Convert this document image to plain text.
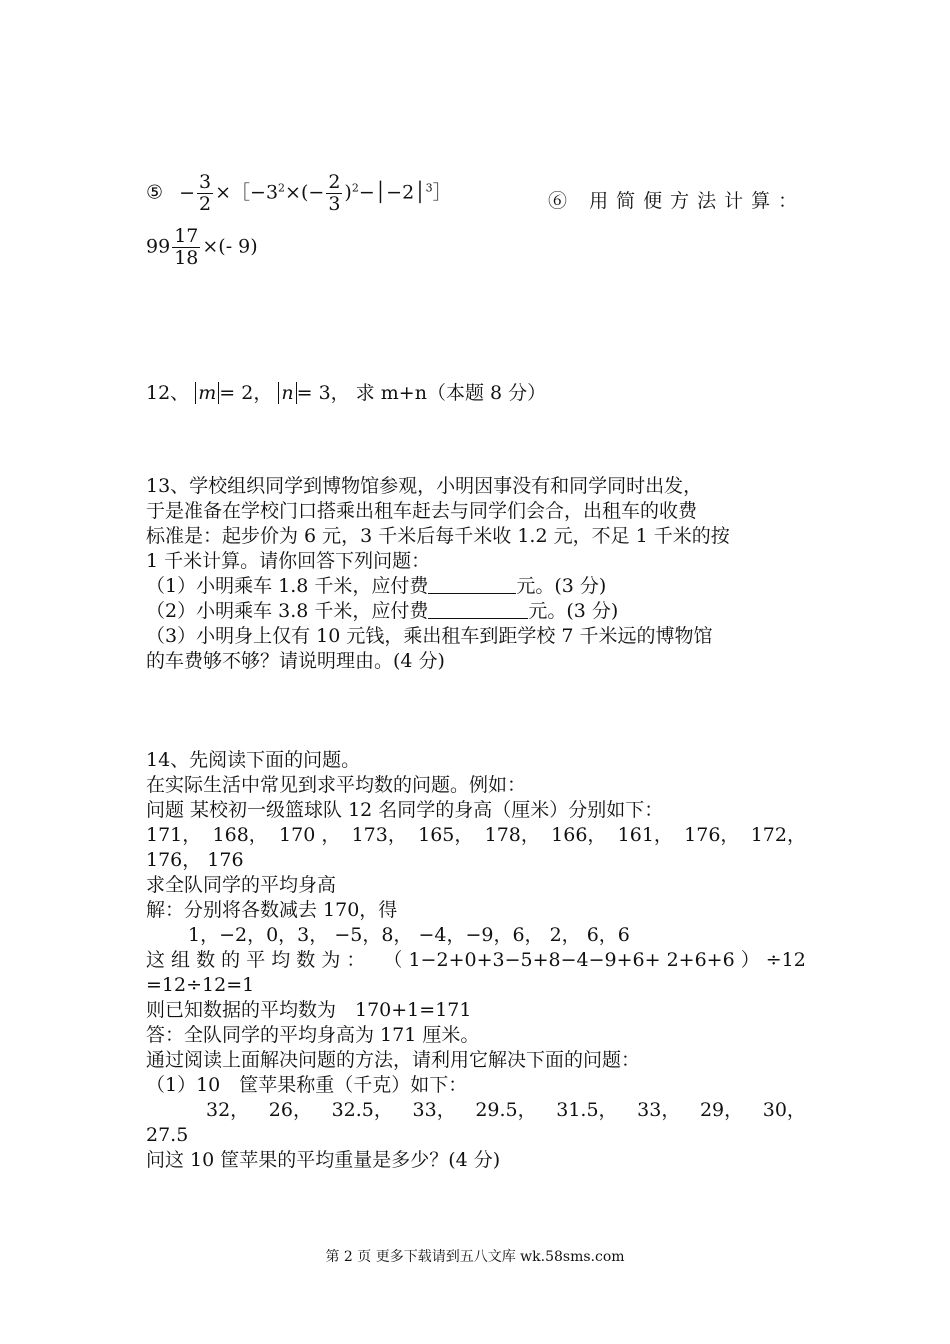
⑤ − $\frac{3}{2}$ $\times[-3^2\times(- \frac{2}{3}$ )$^2$−│−2│$^3$］	⑥ 用简便方法计算：
$99 \frac{17}{18}$ ×(- 9)
12、 m = 2， n = 3， 求 m+n（本题 8 分）
13、学校组织同学到博物馆参观，小明因事没有和同学同时出发，
于是准备在学校门口搭乘出租车赶去与同学们会合，出租车的收费
标准是：起步价为 6 元，3 千米后每千米收 1.2 元，不足 1 千米的按
1 千米计算。请你回答下列问题：
（1）小明乘车 1.8 千米，应付费	元。(3 分)
（2）小明乘车 3.8 千米，应付费	元。(3 分)
（3）小明身上仅有 10 元钱，乘出租车到距学校 7 千米远的博物馆
的车费够不够？请说明理由。(4 分)
14、先阅读下面的问题。
在实际生活中常见到求平均数的问题。例如：
问题 某校初一级篮球队 12 名同学的身高（厘米）分别如下：
171， 168， 170 ， 173， 165， 178， 166， 161， 176， 172，
176， 176
求全队同学的平均身高
解：分别将各数减去 170，得
1，−2，0，3， −5，8， −4，−9，6， 2， 6，6
这 组 数 的 平 均 数 为 ： （ 1−2+0+3−5+8−4−9+6+ 2+6+6 ） ÷12
=12÷12=1
则已知数据的平均数为　170+1=171
答：全队同学的平均身高为 171 厘米。
通过阅读上面解决问题的方法，请利用它解决下面的问题：
（1）10　筐苹果称重（千克）如下：
32， 26， 32.5， 33， 29.5， 31.5， 33， 29， 30，
27.5
问这 10 筐苹果的平均重量是多少？(4 分)
第 2 页 更多下载请到五八文库 wk.58sms.com
